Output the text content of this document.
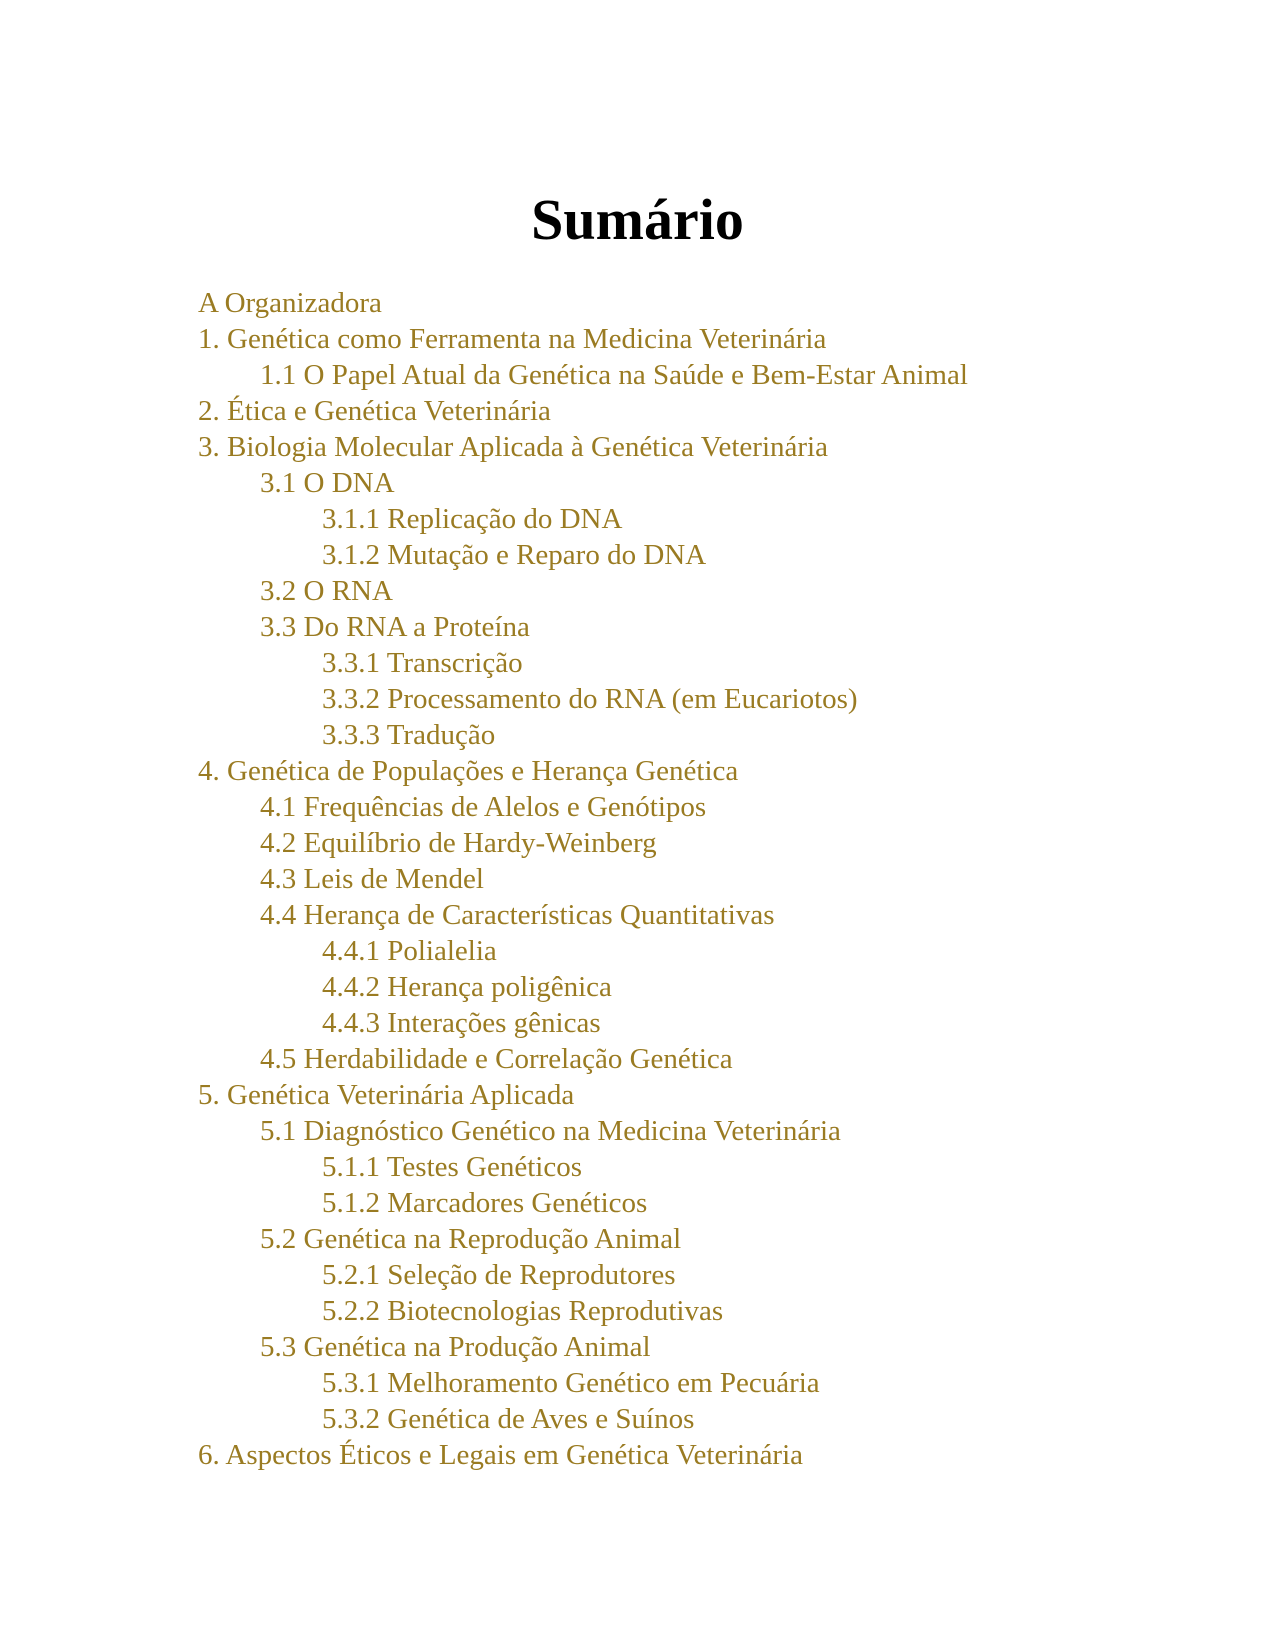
Sumário
A Organizadora
1. Genética como Ferramenta na Medicina Veterinária
1.1 O Papel Atual da Genética na Saúde e Bem-Estar Animal
2. Ética e Genética Veterinária
3. Biologia Molecular Aplicada à Genética Veterinária
3.1 O DNA
3.1.1 Replicação do DNA
3.1.2 Mutação e Reparo do DNA
3.2 O RNA
3.3 Do RNA a Proteína
3.3.1 Transcrição
3.3.2 Processamento do RNA (em Eucariotos)
3.3.3 Tradução
4. Genética de Populações e Herança Genética
4.1 Frequências de Alelos e Genótipos
4.2 Equilíbrio de Hardy-Weinberg
4.3 Leis de Mendel
4.4 Herança de Características Quantitativas
4.4.1 Polialelia
4.4.2 Herança poligênica
4.4.3 Interações gênicas
4.5 Herdabilidade e Correlação Genética
5. Genética Veterinária Aplicada
5.1 Diagnóstico Genético na Medicina Veterinária
5.1.1 Testes Genéticos
5.1.2 Marcadores Genéticos
5.2 Genética na Reprodução Animal
5.2.1 Seleção de Reprodutores
5.2.2 Biotecnologias Reprodutivas
5.3 Genética na Produção Animal
5.3.1 Melhoramento Genético em Pecuária
5.3.2 Genética de Aves e Suínos
6. Aspectos Éticos e Legais em Genética Veterinária
